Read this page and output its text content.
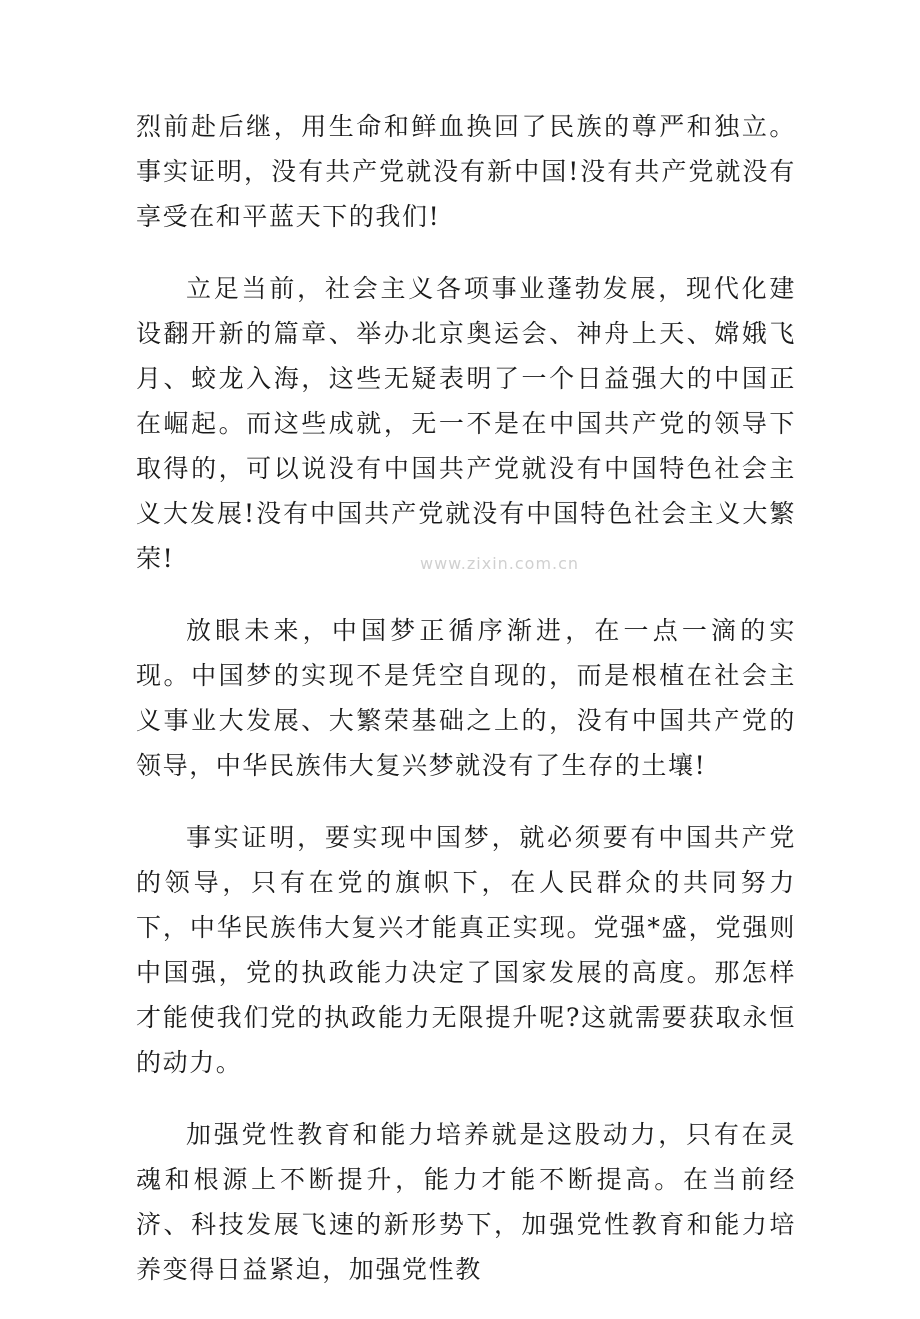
烈前赴后继，用生命和鲜血换回了民族的尊严和独立。事实证明，没有共产党就没有新中国!没有共产党就没有享受在和平蓝天下的我们!

立足当前，社会主义各项事业蓬勃发展，现代化建设翻开新的篇章、举办北京奥运会、神舟上天、嫦娥飞月、蛟龙入海，这些无疑表明了一个日益强大的中国正在崛起。而这些成就，无一不是在中国共产党的领导下取得的，可以说没有中国共产党就没有中国特色社会主义大发展!没有中国共产党就没有中国特色社会主义大繁荣!

放眼未来，中国梦正循序渐进，在一点一滴的实现。中国梦的实现不是凭空自现的，而是根植在社会主义事业大发展、大繁荣基础之上的，没有中国共产党的领导，中华民族伟大复兴梦就没有了生存的土壤!

事实证明，要实现中国梦，就必须要有中国共产党的领导，只有在党的旗帜下，在人民群众的共同努力下，中华民族伟大复兴才能真正实现。党强*盛，党强则中国强，党的执政能力决定了国家发展的高度。那怎样才能使我们党的执政能力无限提升呢?这就需要获取永恒的动力。

加强党性教育和能力培养就是这股动力，只有在灵魂和根源上不断提升，能力才能不断提高。在当前经济、科技发展飞速的新形势下，加强党性教育和能力培养变得日益紧迫，加强党性教

www.zixin.com.cn
